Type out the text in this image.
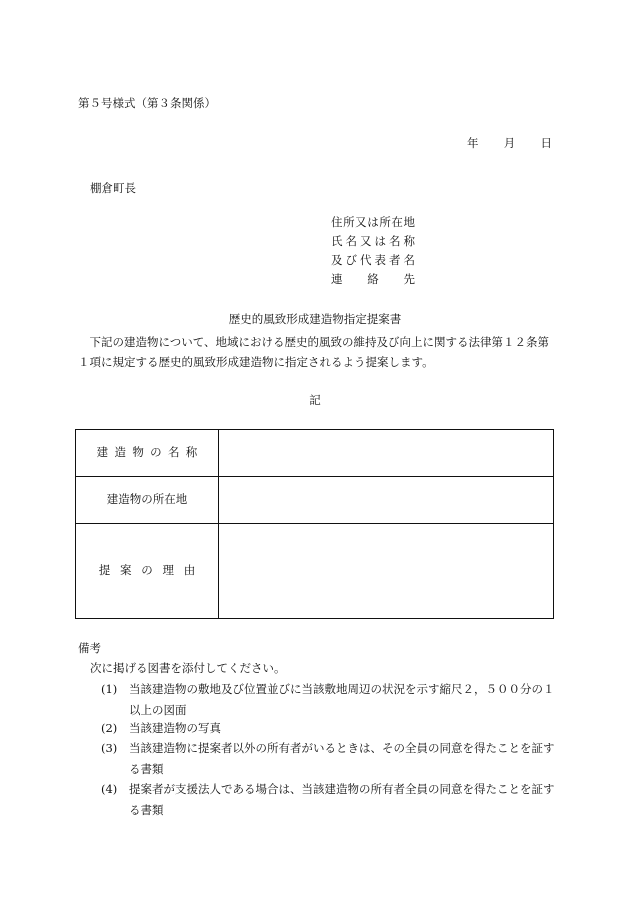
第５号様式（第３条関係）
年 月 日
棚倉町長
住 所 又 は 所 在 地
氏 名 又 は 名 称
及 び 代 表 者 名
連 絡 先
歴史的風致形成建造物指定提案書
下記の建造物について、地域における歴史的風致の維持及び向上に関する法律第１２条第１項に規定する歴史的風致形成建造物に指定されるよう提案します。
記
建造物の名称	
建造物の所在地	
提案の理由	
備考
次に掲げる図書を添付してください。
(1)	当該建造物の敷地及び位置並びに当該敷地周辺の状況を示す縮尺２，５００分の１以上の図面
(2)	当該建造物の写真
(3)	当該建造物に提案者以外の所有者がいるときは、その全員の同意を得たことを証する書類
(4)	提案者が支援法人である場合は、当該建造物の所有者全員の同意を得たことを証する書類
